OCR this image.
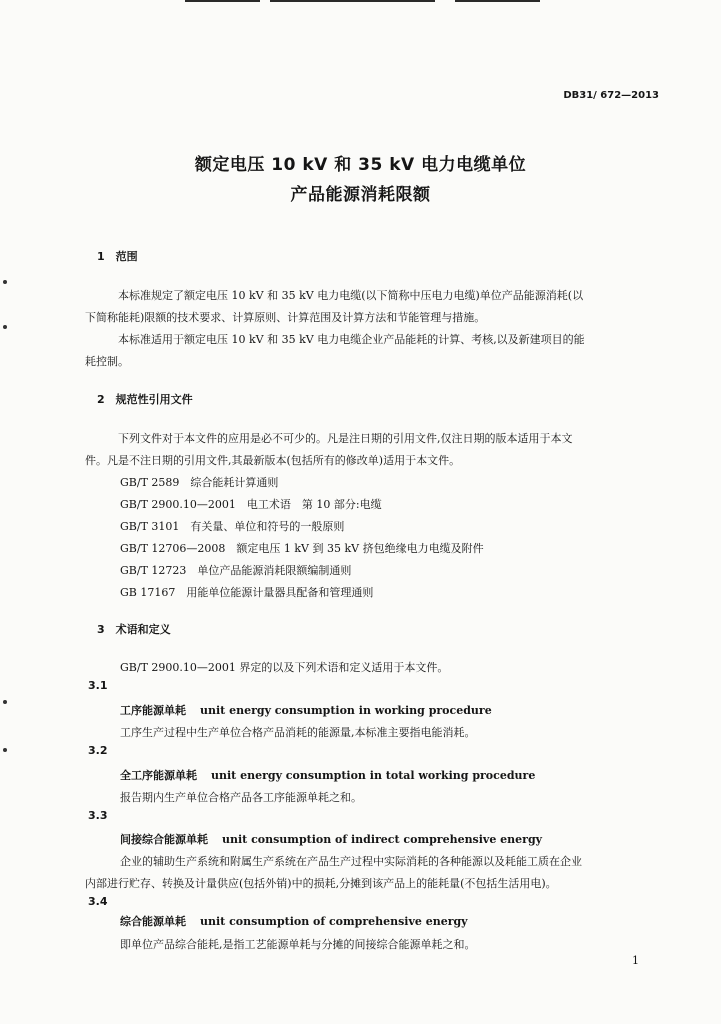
DB31/ 672—2013
额定电压 10 kV 和 35 kV 电力电缆单位
产品能源消耗限额
1　范围
本标准规定了额定电压 10 kV 和 35 kV 电力电缆(以下简称中压电力电缆)单位产品能源消耗(以
下简称能耗)限额的技术要求、计算原则、计算范围及计算方法和节能管理与措施。
本标准适用于额定电压 10 kV 和 35 kV 电力电缆企业产品能耗的计算、考核,以及新建项目的能
耗控制。
2　规范性引用文件
下列文件对于本文件的应用是必不可少的。凡是注日期的引用文件,仅注日期的版本适用于本文
件。凡是不注日期的引用文件,其最新版本(包括所有的修改单)适用于本文件。
GB/T 2589　综合能耗计算通则
GB/T 2900.10—2001　电工术语　第 10 部分:电缆
GB/T 3101　有关量、单位和符号的一般原则
GB/T 12706—2008　额定电压 1 kV 到 35 kV 挤包绝缘电力电缆及附件
GB/T 12723　单位产品能源消耗限额编制通则
GB 17167　用能单位能源计量器具配备和管理通则
3　术语和定义
GB/T 2900.10—2001 界定的以及下列术语和定义适用于本文件。
3.1
工序能源单耗 unit energy consumption in working procedure
工序生产过程中生产单位合格产品消耗的能源量,本标准主要指电能消耗。
3.2
全工序能源单耗 unit energy consumption in total working procedure
报告期内生产单位合格产品各工序能源单耗之和。
3.3
间接综合能源单耗 unit consumption of indirect comprehensive energy
企业的辅助生产系统和附属生产系统在产品生产过程中实际消耗的各种能源以及耗能工质在企业
内部进行贮存、转换及计量供应(包括外销)中的损耗,分摊到该产品上的能耗量(不包括生活用电)。
3.4
综合能源单耗 unit consumption of comprehensive energy
即单位产品综合能耗,是指工艺能源单耗与分摊的间接综合能源单耗之和。
1
